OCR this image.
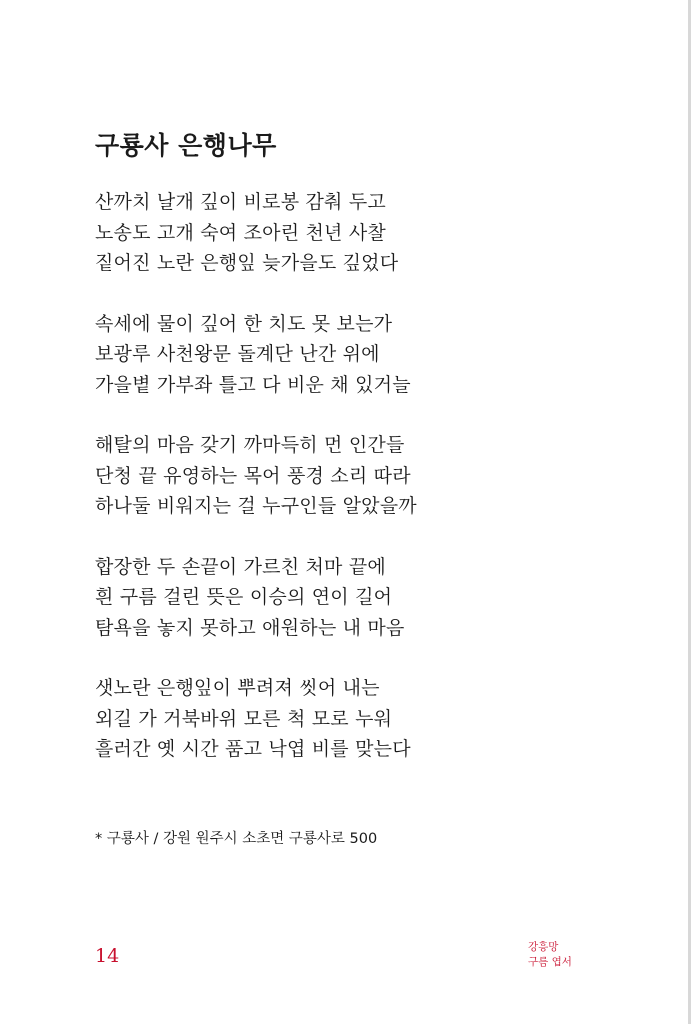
구룡사 은행나무
산까치 날개 깊이 비로봉 감춰 두고
노송도 고개 숙여 조아린 천년 사찰
짙어진 노란 은행잎 늦가을도 깊었다
속세에 물이 깊어 한 치도 못 보는가
보광루 사천왕문 돌계단 난간 위에
가을볕 가부좌 틀고 다 비운 채 있거늘
해탈의 마음 갖기 까마득히 먼 인간들
단청 끝 유영하는 목어 풍경 소리 따라
하나둘 비워지는 걸 누구인들 알았을까
합장한 두 손끝이 가르친 처마 끝에
흰 구름 걸린 뜻은 이승의 연이 길어
탐욕을 놓지 못하고 애원하는 내 마음
샛노란 은행잎이 뿌려져 씻어 내는
외길 가 거북바위 모른 척 모로 누워
흘러간 옛 시간 품고 낙엽 비를 맞는다
* 구룡사 / 강원 원주시 소초면 구룡사로 500
14	강흥망
구름 엽서
